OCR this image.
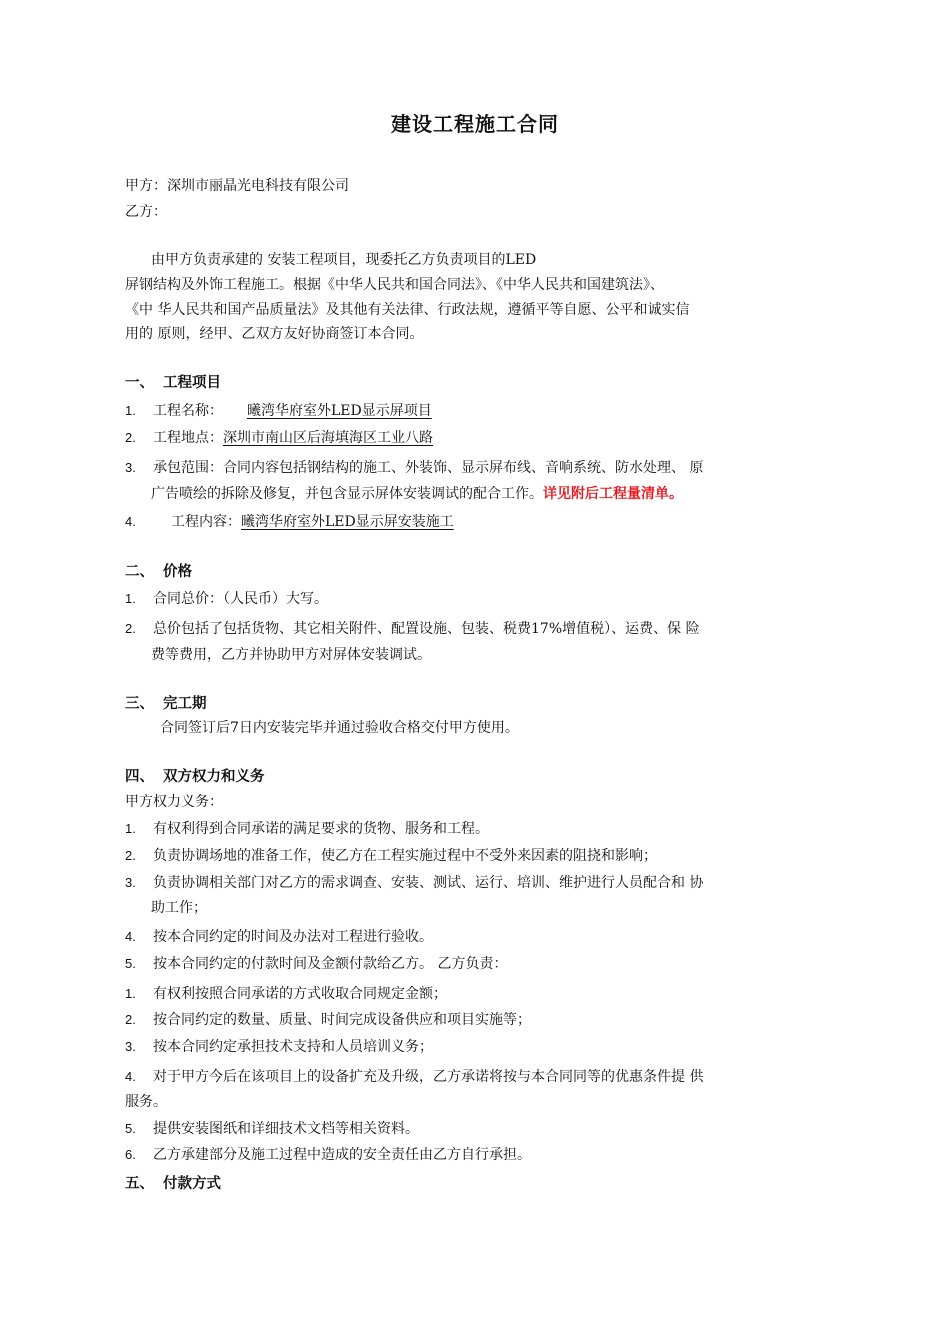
建设工程施工合同
甲方：深圳市丽晶光电科技有限公司
乙方：
由甲方负责承建的 安装工程项目，现委托乙方负责项目的LED
屏钢结构及外饰工程施工。根据《中华人民共和国合同法》、《中华人民共和国建筑法》、
《中 华人民共和国产品质量法》及其他有关法律、行政法规，遵循平等自愿、公平和诚实信
用的 原则，经甲、乙双方友好协商签订本合同。
一、 工程项目
1. 工程名称： 曦湾华府室外LED显示屏项目
2. 工程地点：深圳市南山区后海填海区工业八路
3. 承包范围：合同内容包括钢结构的施工、外装饰、显示屏布线、音响系统、防水处理、 原
广告喷绘的拆除及修复，并包含显示屏体安装调试的配合工作。详见附后工程量清单。
4.	工程内容：曦湾华府室外LED显示屏安装施工
二、 价格
1. 合同总价：（人民币）大写。
2. 总价包括了包括货物、其它相关附件、配置设施、包装、税费17%增值税）、运费、保 险
费等费用，乙方并协助甲方对屏体安装调试。
三、 完工期
合同签订后7日内安装完毕并通过验收合格交付甲方使用。
四、 双方权力和义务
甲方权力义务：
1. 有权利得到合同承诺的满足要求的货物、服务和工程。
2. 负责协调场地的准备工作，使乙方在工程实施过程中不受外来因素的阻挠和影响；
3. 负责协调相关部门对乙方的需求调查、安装、测试、运行、培训、维护进行人员配合和 协
助工作；
4. 按本合同约定的时间及办法对工程进行验收。
5. 按本合同约定的付款时间及金额付款给乙方。 乙方负责：
1. 有权利按照合同承诺的方式收取合同规定金额；
2. 按合同约定的数量、质量、时间完成设备供应和项目实施等；
3. 按本合同约定承担技术支持和人员培训义务；
4. 对于甲方今后在该项目上的设备扩充及升级，乙方承诺将按与本合同同等的优惠条件提 供
服务。
5. 提供安装图纸和详细技术文档等相关资料。
6. 乙方承建部分及施工过程中造成的安全责任由乙方自行承担。
五、 付款方式
